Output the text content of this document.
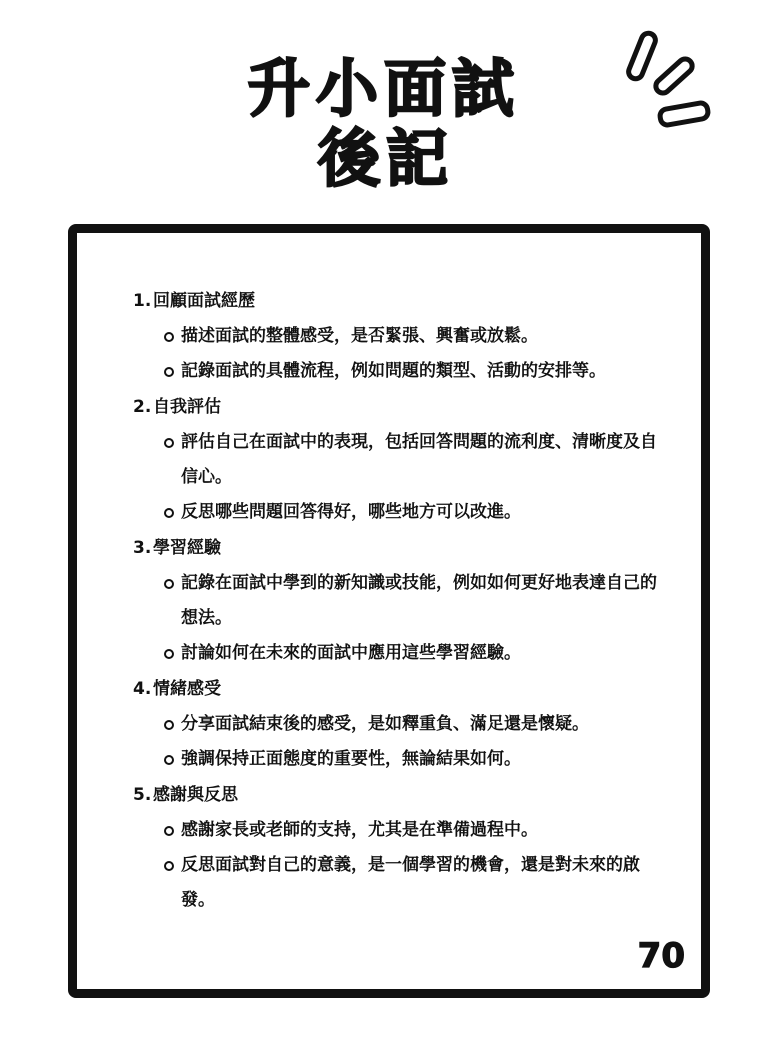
升小面試
後記
1. 回顧面試經歷
描述面試的整體感受，是否緊張、興奮或放鬆。
記錄面試的具體流程，例如問題的類型、活動的安排等。
2. 自我評估
評估自己在面試中的表現，包括回答問題的流利度、清晰度及自信心。
反思哪些問題回答得好，哪些地方可以改進。
3. 學習經驗
記錄在面試中學到的新知識或技能，例如如何更好地表達自己的想法。
討論如何在未來的面試中應用這些學習經驗。
4. 情緒感受
分享面試結束後的感受，是如釋重負、滿足還是懷疑。
強調保持正面態度的重要性，無論結果如何。
5. 感謝與反思
感謝家長或老師的支持，尤其是在準備過程中。
反思面試對自己的意義，是一個學習的機會，還是對未來的啟發。
70
